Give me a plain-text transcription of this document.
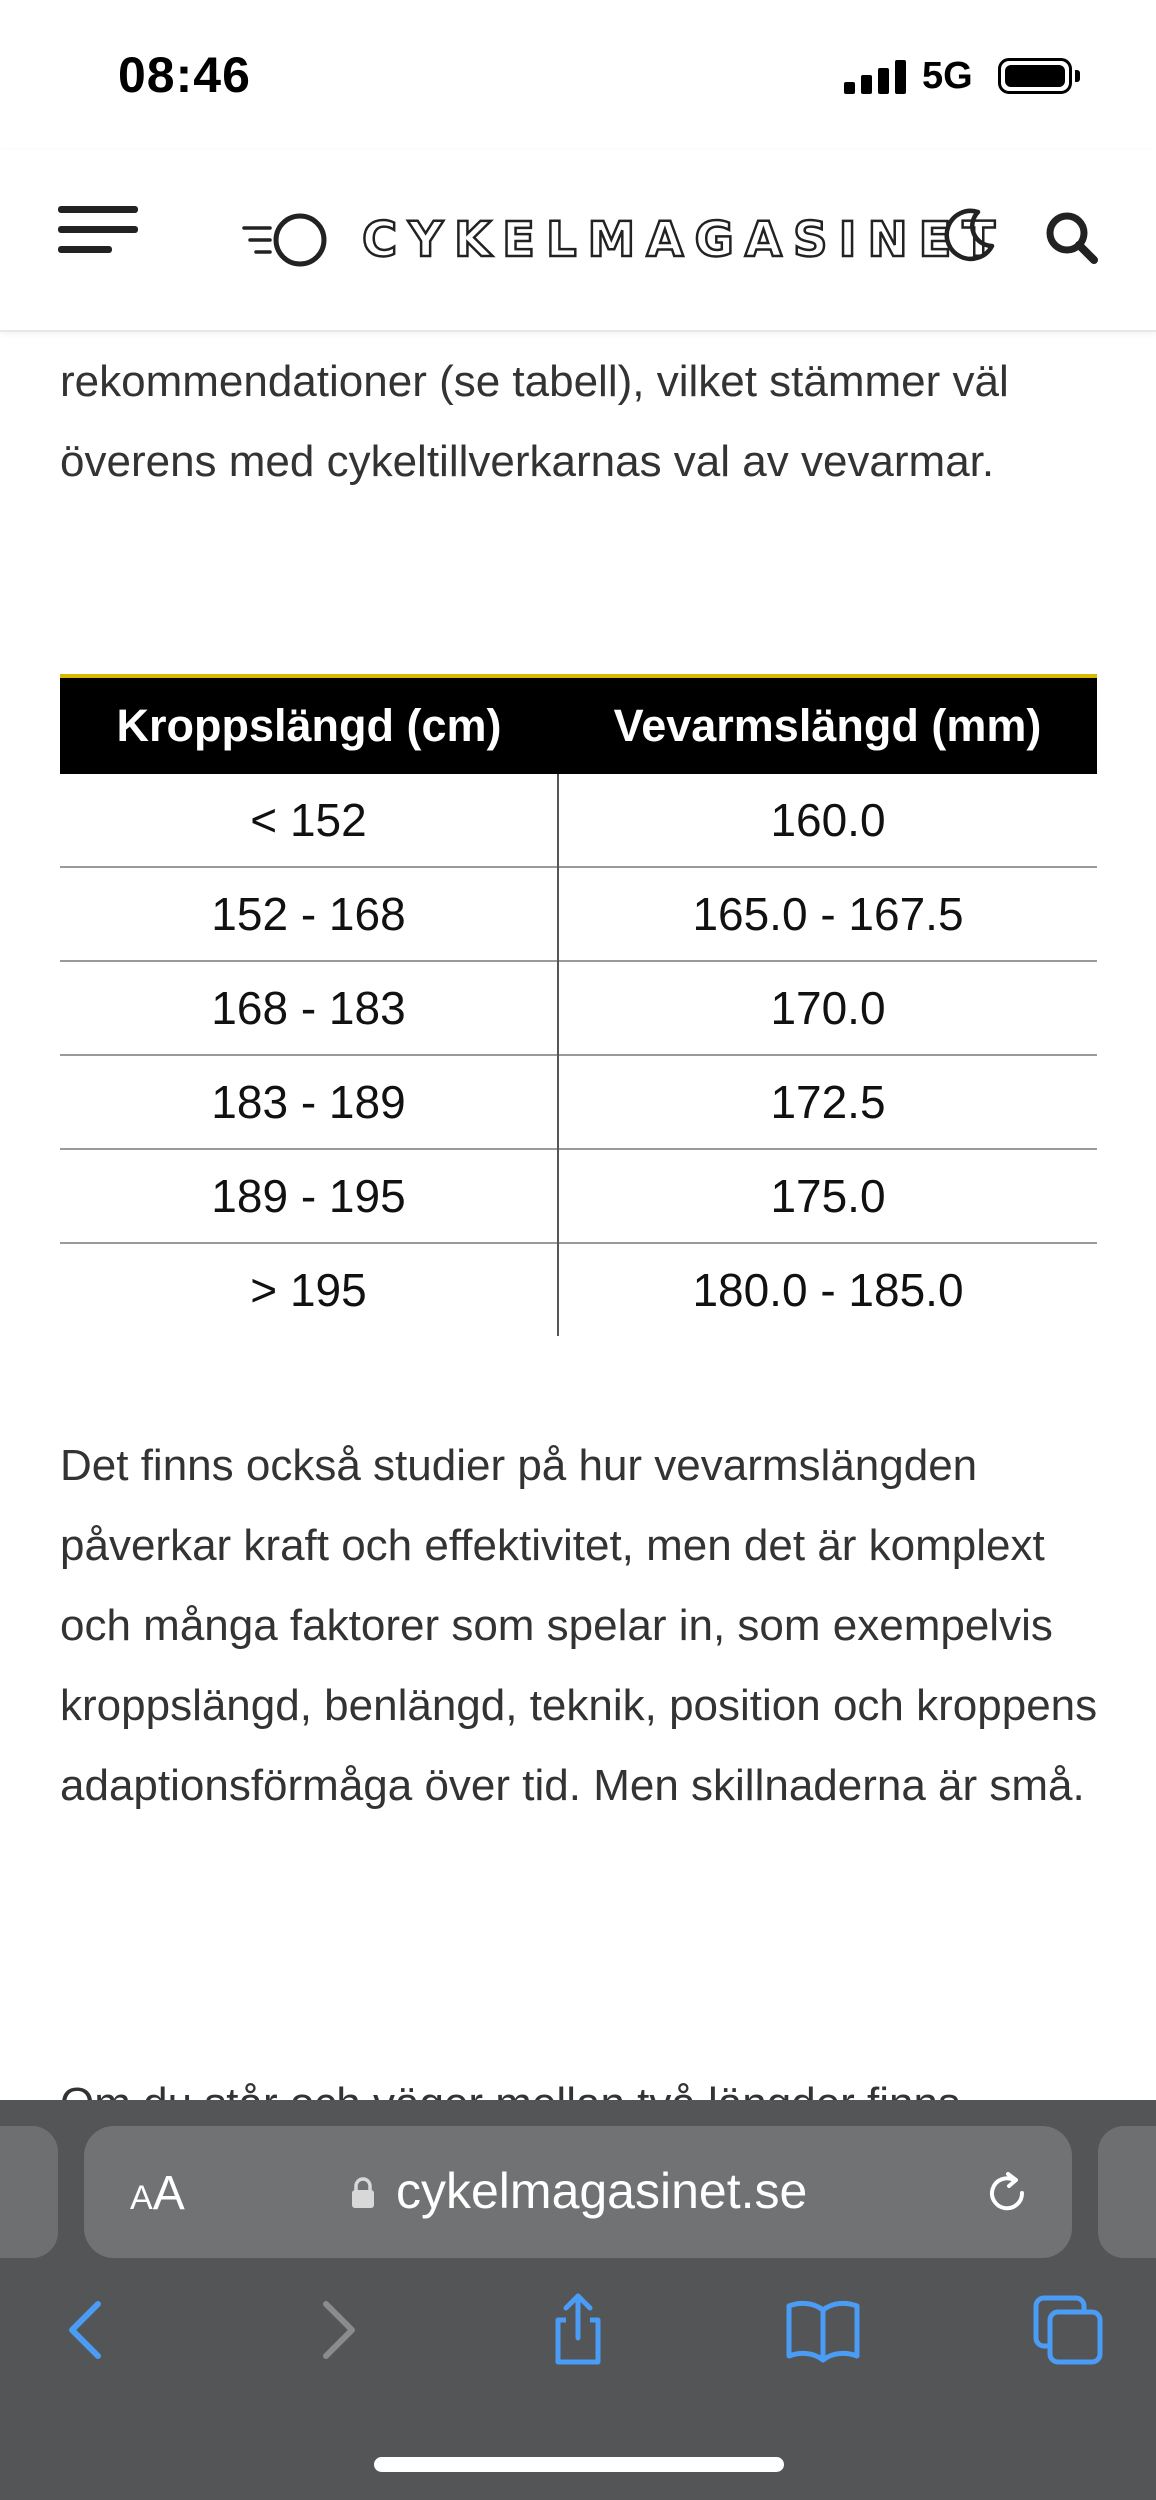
08:46	5G
CYKELMAGASINET

rekommendationer (se tabell), vilket stämmer väl överens med cykeltillverkarnas val av vevarmar.

Kroppslängd (cm)	Vevarmslängd (mm)
< 152	160.0
152 - 168	165.0 - 167.5
168 - 183	170.0
183 - 189	172.5
189 - 195	175.0
> 195	180.0 - 185.0

Det finns också studier på hur vevarmslängden påverkar kraft och effektivitet, men det är komplext och många faktorer som spelar in, som exempelvis kroppslängd, benlängd, teknik, position och kroppens adaptionsförmåga över tid. Men skillnaderna är små.

AA	cykelmagasinet.se
